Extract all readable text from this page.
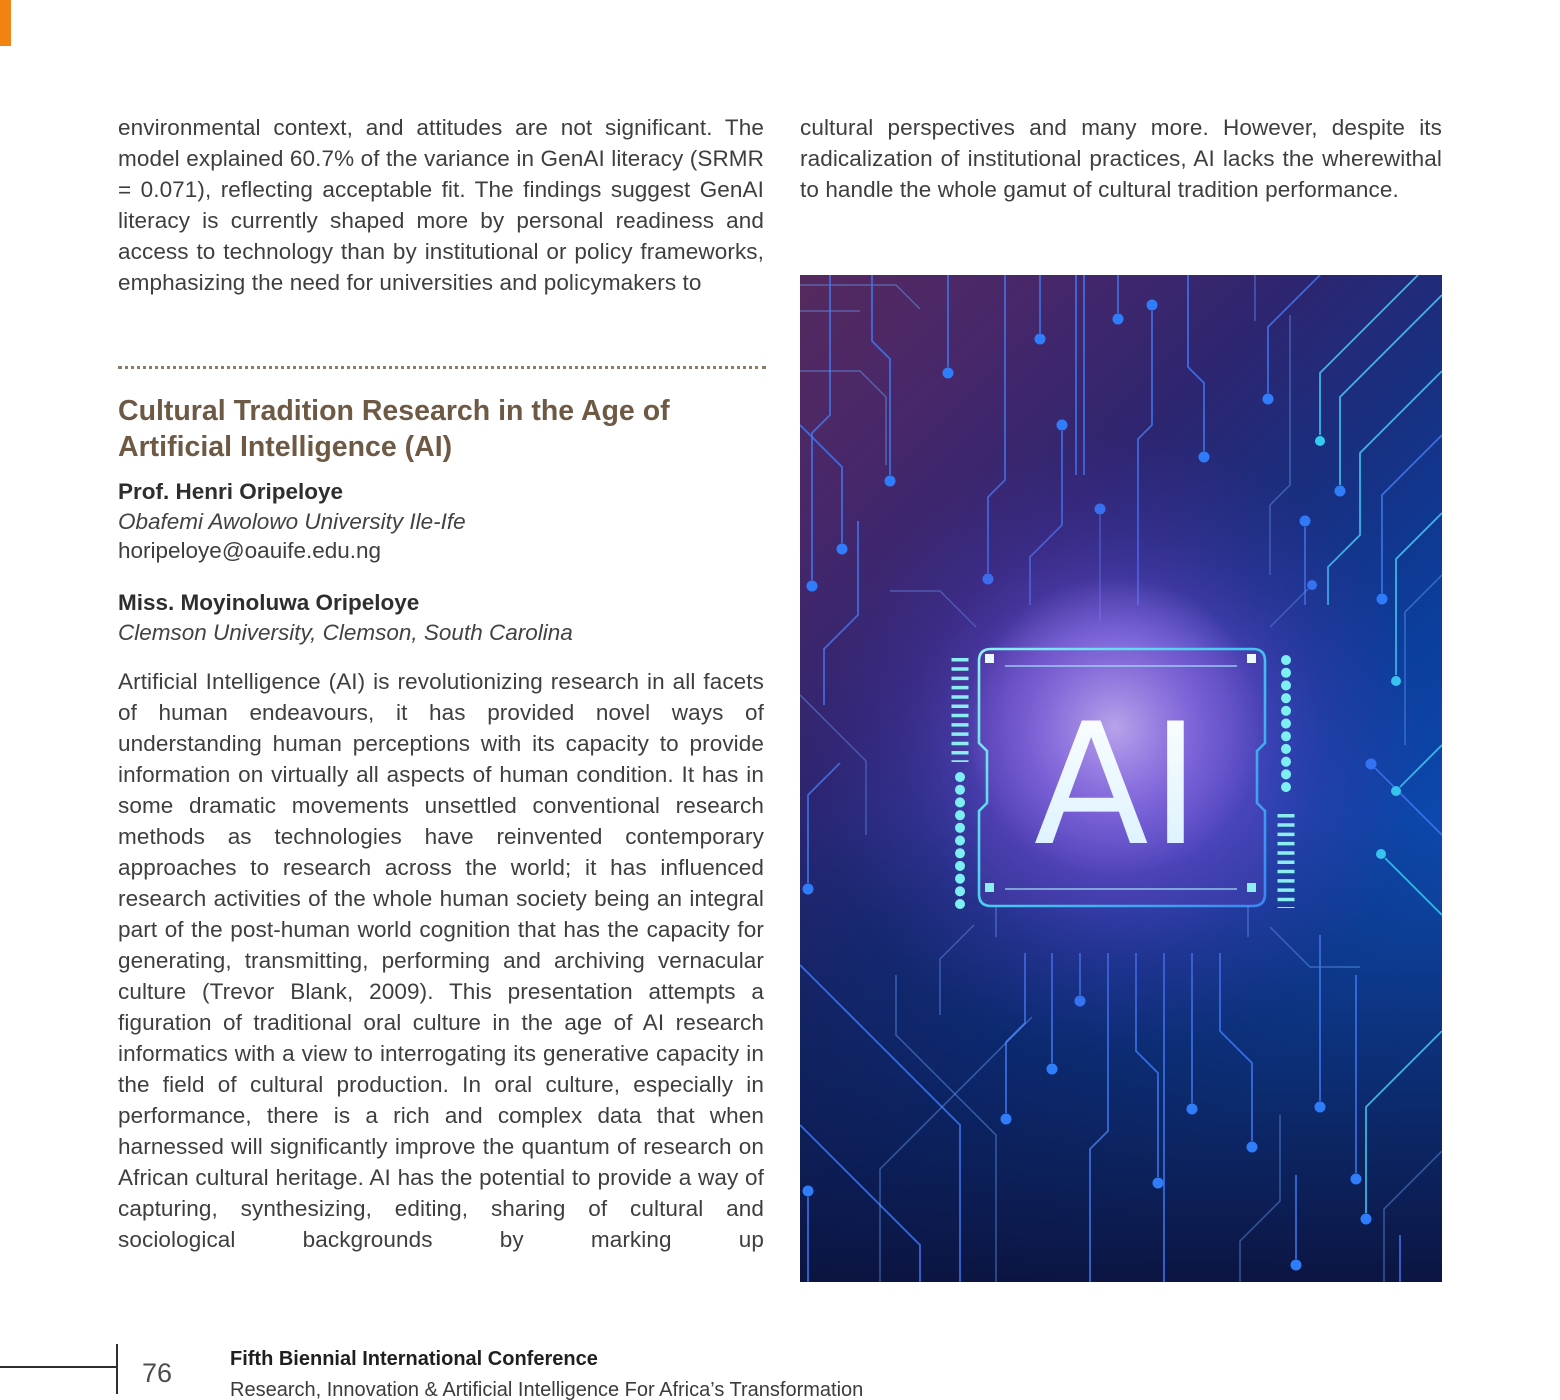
environmental context, and attitudes are not significant. The model explained 60.7% of the variance in GenAI literacy (SRMR = 0.071), reflecting acceptable fit. The findings suggest GenAI literacy is currently shaped more by personal readiness and access to technology than by institutional or policy frameworks, emphasizing the need for universities and policymakers to
Cultural Tradition Research in the Age of
Artificial Intelligence (AI)
Prof. Henri Oripeloye
Obafemi Awolowo University Ile-Ife
horipeloye@oauife.edu.ng
Miss. Moyinoluwa Oripeloye
Clemson University, Clemson, South Carolina
Artificial Intelligence (AI) is revolutionizing research in all facets of human endeavours, it has provided novel ways of understanding human perceptions with its capacity to provide information on virtually all aspects of human condition. It has in some dramatic movements unsettled conventional research methods as technologies have reinvented contemporary approaches to research across the world; it has influenced research activities of the whole human society being an integral part of the post-human world cognition that has the capacity for generating, transmitting, performing and archiving vernacular culture (Trevor Blank, 2009). This presentation attempts a figuration of traditional oral culture in the age of AI research informatics with a view to interrogating its generative capacity in the field of cultural production. In oral culture, especially in performance, there is a rich and complex data that when harnessed will significantly improve the quantum of research on African cultural heritage. AI has the potential to provide a way of capturing, synthesizing, editing, sharing of cultural and sociological backgrounds by marking up
cultural perspectives and many more. However, despite its radicalization of institutional practices, AI lacks the wherewithal to handle the whole gamut of cultural tradition performance.
AI
76	Fifth Biennial International Conference
Research, Innovation & Artificial Intelligence For Africa’s Transformation
